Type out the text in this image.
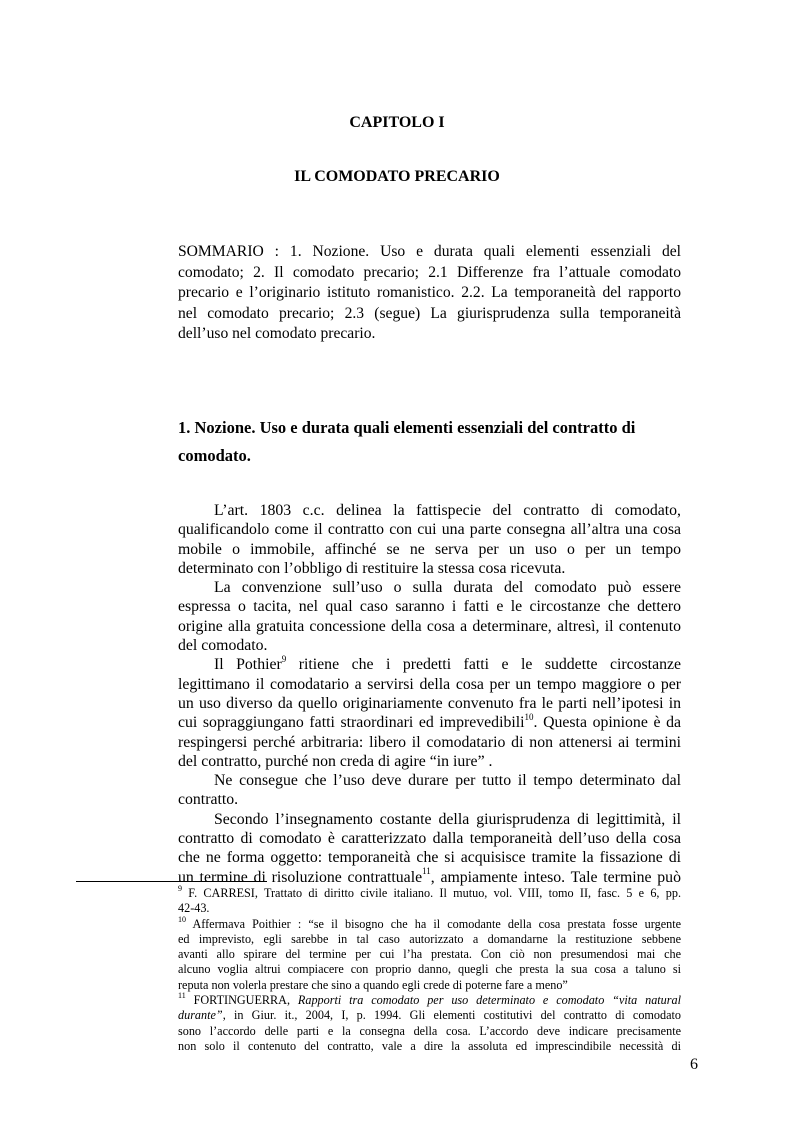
CAPITOLO I
IL COMODATO PRECARIO
SOMMARIO : 1. Nozione. Uso e durata quali elementi essenziali del
comodato; 2. Il comodato precario; 2.1 Differenze fra l’attuale comodato
precario e l’originario istituto romanistico. 2.2. La temporaneità del rapporto
nel comodato precario; 2.3 (segue) La giurisprudenza sulla temporaneità
dell’uso nel comodato precario.
1. Nozione. Uso e durata quali elementi essenziali del contratto di
comodato.
L’art. 1803 c.c. delinea la fattispecie del contratto di comodato,
qualificandolo come il contratto con cui una parte consegna all’altra una cosa
mobile o immobile, affinché se ne serva per un uso o per un tempo
determinato con l’obbligo di restituire la stessa cosa ricevuta.
La convenzione sull’uso o sulla durata del comodato può essere
espressa o tacita, nel qual caso saranno i fatti e le circostanze che dettero
origine alla gratuita concessione della cosa a determinare, altresì, il contenuto
del comodato.
Il Pothier$^9$ ritiene che i predetti fatti e le suddette circostanze
legittimano il comodatario a servirsi della cosa per un tempo maggiore o per
un uso diverso da quello originariamente convenuto fra le parti nell’ipotesi in
cui sopraggiungano fatti straordinari ed imprevedibili$^{10}$. Questa opinione è da
respingersi perché arbitraria: libero il comodatario di non attenersi ai termini
del contratto, purché non creda di agire “in iure” .
Ne consegue che l’uso deve durare per tutto il tempo determinato dal
contratto.
Secondo l’insegnamento costante della giurisprudenza di legittimità, il
contratto di comodato è caratterizzato dalla temporaneità dell’uso della cosa
che ne forma oggetto: temporaneità che si acquisisce tramite la fissazione di
un termine di risoluzione contrattuale$^{11}$, ampiamente inteso. Tale termine può
$^9$ F. CARRESI, Trattato di diritto civile italiano. Il mutuo, vol. VIII, tomo II, fasc. 5 e 6, pp.
42-43.
$^{10}$ Affermava Poithier : “se il bisogno che ha il comodante della cosa prestata fosse urgente
ed imprevisto, egli sarebbe in tal caso autorizzato a domandarne la restituzione sebbene
avanti allo spirare del termine per cui l’ha prestata. Con ciò non presumendosi mai che
alcuno voglia altrui compiacere con proprio danno, quegli che presta la sua cosa a taluno si
reputa non volerla prestare che sino a quando egli crede di poterne fare a meno”
$^{11}$ FORTINGUERRA, Rapporti tra comodato per uso determinato e comodato “vita natural
durante”, in Giur. it., 2004, I, p. 1994. Gli elementi costitutivi del contratto di comodato
sono l’accordo delle parti e la consegna della cosa. L’accordo deve indicare precisamente
non solo il contenuto del contratto, vale a dire la assoluta ed imprescindibile necessità di
6
